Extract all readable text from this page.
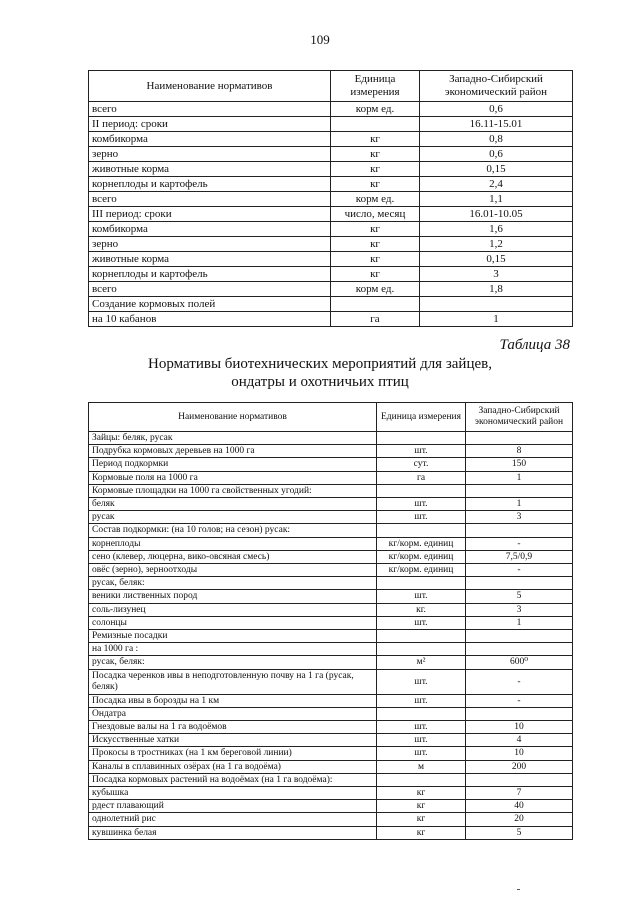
109
Наименование нормативов	Единица измерения	Западно-Сибирский экономический район
всего	корм ед.	0,6
II период: сроки		16.11-15.01
комбикорма	кг	0,8
зерно	кг	0,6
животные корма	кг	0,15
корнеплоды и картофель	кг	2,4
всего	корм ед.	1,1
III период: сроки	число, месяц	16.01-10.05
комбикорма	кг	1,6
зерно	кг	1,2
животные корма	кг	0,15
корнеплоды и картофель	кг	3
всего	корм ед.	1,8
Создание кормовых полей		
на 10 кабанов	га	1
Таблица 38
Нормативы биотехнических мероприятий для зайцев,
ондатры и охотничьих птиц
Наименование нормативов	Единица измерения	Западно-Сибирский экономический район
Зайцы: беляк, русак		
Подрубка кормовых деревьев на 1000 га	шт.	8
Период подкормки	сут.	150
Кормовые поля на 1000 га	га	1
Кормовые площадки на 1000 га свойственных угодий:		
беляк	шт.	1
русак	шт.	3
Состав подкормки: (на 10 голов; на сезон) русак:		
корнеплоды	кг/корм. единиц	-
сено (клевер, люцерна, вико-овсяная смесь)	кг/корм. единиц	7,5/0,9
овёс (зерно), зерноотходы	кг/корм. единиц	-
русак, беляк:		
веники лиственных пород	шт.	5
соль-лизунец	кг.	3
солонцы	шт.	1
Ремизные посадки		
на 1000 га :		
русак, беляк:	м²	600⁰
Посадка черенков ивы в неподготовленную почву на 1 га (русак, беляк)	шт.	-
Посадка ивы в борозды на 1 км	шт.	-
Ондатра		
Гнездовые валы на 1 га водоёмов	шт.	10
Искусственные хатки	шт.	4
Прокосы в тростниках (на 1 км береговой линии)	шт.	10
Каналы в сплавинных озёрах (на 1 га водоёма)	м	200
Посадка кормовых растений на водоёмах (на 1 га водоёма):		
кубышка	кг	7
рдест плавающий	кг	40
однолетний рис	кг	20
кувшинка белая	кг	5
